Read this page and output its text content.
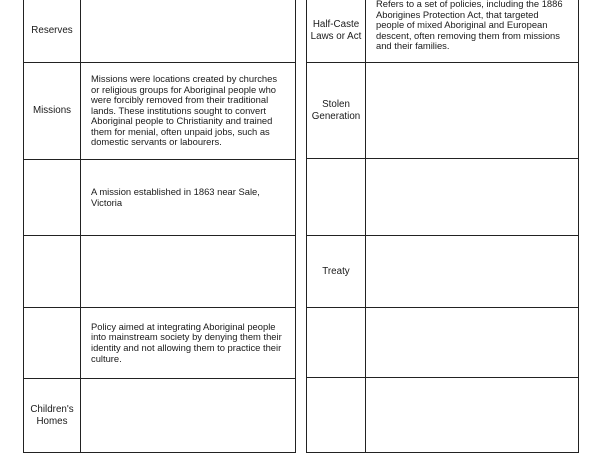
Reserves	
Missions	Missions were locations created by churches or religious groups for Aboriginal people who were forcibly removed from their traditional lands. These institutions sought to convert Aboriginal people to Christianity and trained them for menial, often unpaid jobs, such as domestic servants or labourers.
	A mission established in 1863 near Sale, Victoria

	Policy aimed at integrating Aboriginal people into mainstream society by denying them their identity and not allowing them to practice their culture.
Children's Homes	
Half-Caste Laws or Act	Refers to a set of policies, including the 1886 Aborigines Protection Act, that targeted people of mixed Aboriginal and European descent, often removing them from missions and their families.
Stolen Generation	

Treaty	
